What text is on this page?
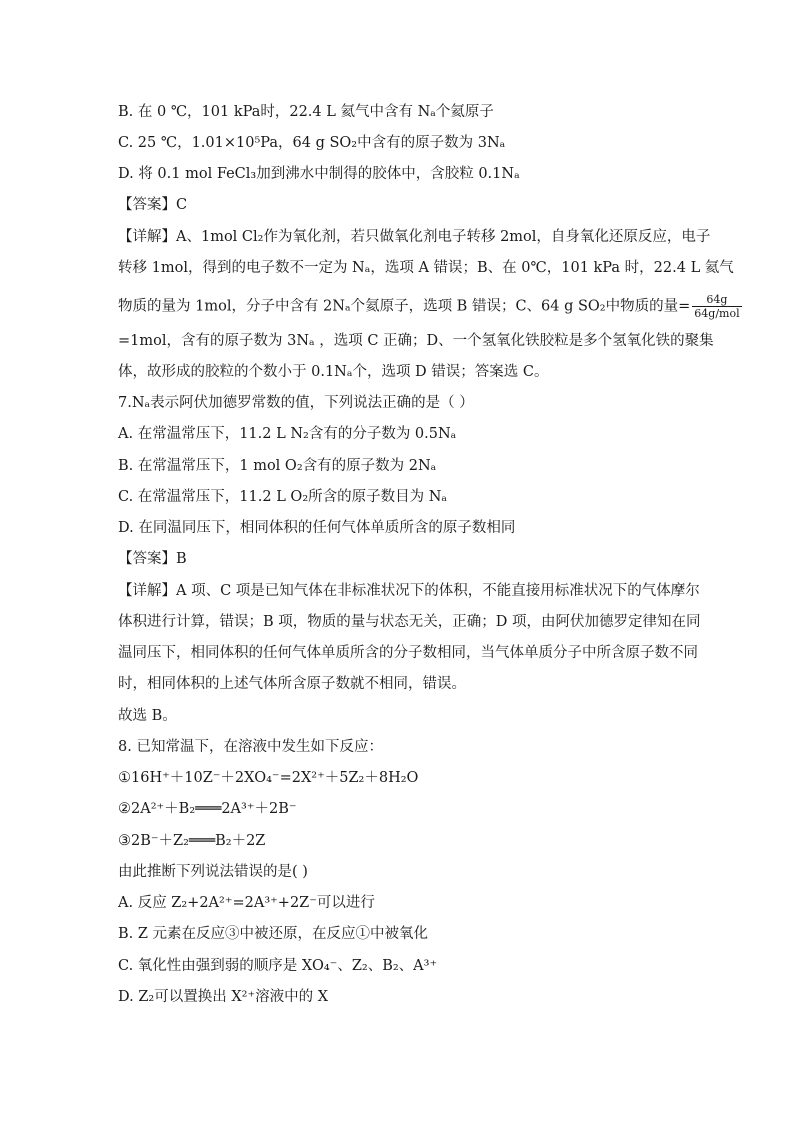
B. 在 0 ℃，101 kPa时，22.4 L 氦气中含有 Nₐ个氦原子
C. 25 ℃，1.01×10⁵Pa，64 g SO₂中含有的原子数为 3Nₐ
D. 将 0.1 mol FeCl₃加到沸水中制得的胶体中，含胶粒 0.1Nₐ
【答案】C
【详解】A、1mol Cl₂作为氧化剂，若只做氧化剂电子转移 2mol，自身氧化还原反应，电子
转移 1mol，得到的电子数不一定为 Nₐ，选项 A 错误；B、在 0℃，101 kPa 时，22.4 L 氦气
物质的量为 1mol，分子中含有 2Nₐ个氦原子，选项 B 错误；C、64 g SO₂中物质的量= $\frac{64g}{\text{64g/mol}}$
=1mol，含有的原子数为 3Nₐ ，选项 C 正确；D、一个氢氧化铁胶粒是多个氢氧化铁的聚集
体，故形成的胶粒的个数小于 0.1Nₐ个，选项 D 错误；答案选 C。
7.Nₐ表示阿伏加德罗常数的值，下列说法正确的是（ ）
A. 在常温常压下，11.2 L N₂含有的分子数为 0.5Nₐ
B. 在常温常压下，1 mol O₂含有的原子数为 2Nₐ
C. 在常温常压下，11.2 L O₂所含的原子数目为 Nₐ
D. 在同温同压下，相同体积的任何气体单质所含的原子数相同
【答案】B
【详解】A 项、C 项是已知气体在非标准状况下的体积，不能直接用标准状况下的气体摩尔
体积进行计算，错误；B 项，物质的量与状态无关，正确；D 项，由阿伏加德罗定律知在同
温同压下，相同体积的任何气体单质所含的分子数相同，当气体单质分子中所含原子数不同
时，相同体积的上述气体所含原子数就不相同，错误。
故选 B。
8. 已知常温下，在溶液中发生如下反应：
①16H⁺＋10Z⁻＋2XO₄⁻=2X²⁺＋5Z₂＋8H₂O
②2A²⁺＋B₂═══2A³⁺＋2B⁻
③2B⁻＋Z₂═══B₂＋2Z
由此推断下列说法错误的是( )
A. 反应 Z₂+2A²⁺=2A³⁺+2Z⁻可以进行
B. Z 元素在反应③中被还原，在反应①中被氧化
C. 氧化性由强到弱的顺序是 XO₄⁻、Z₂、B₂、A³⁺
D. Z₂可以置换出 X²⁺溶液中的 X
